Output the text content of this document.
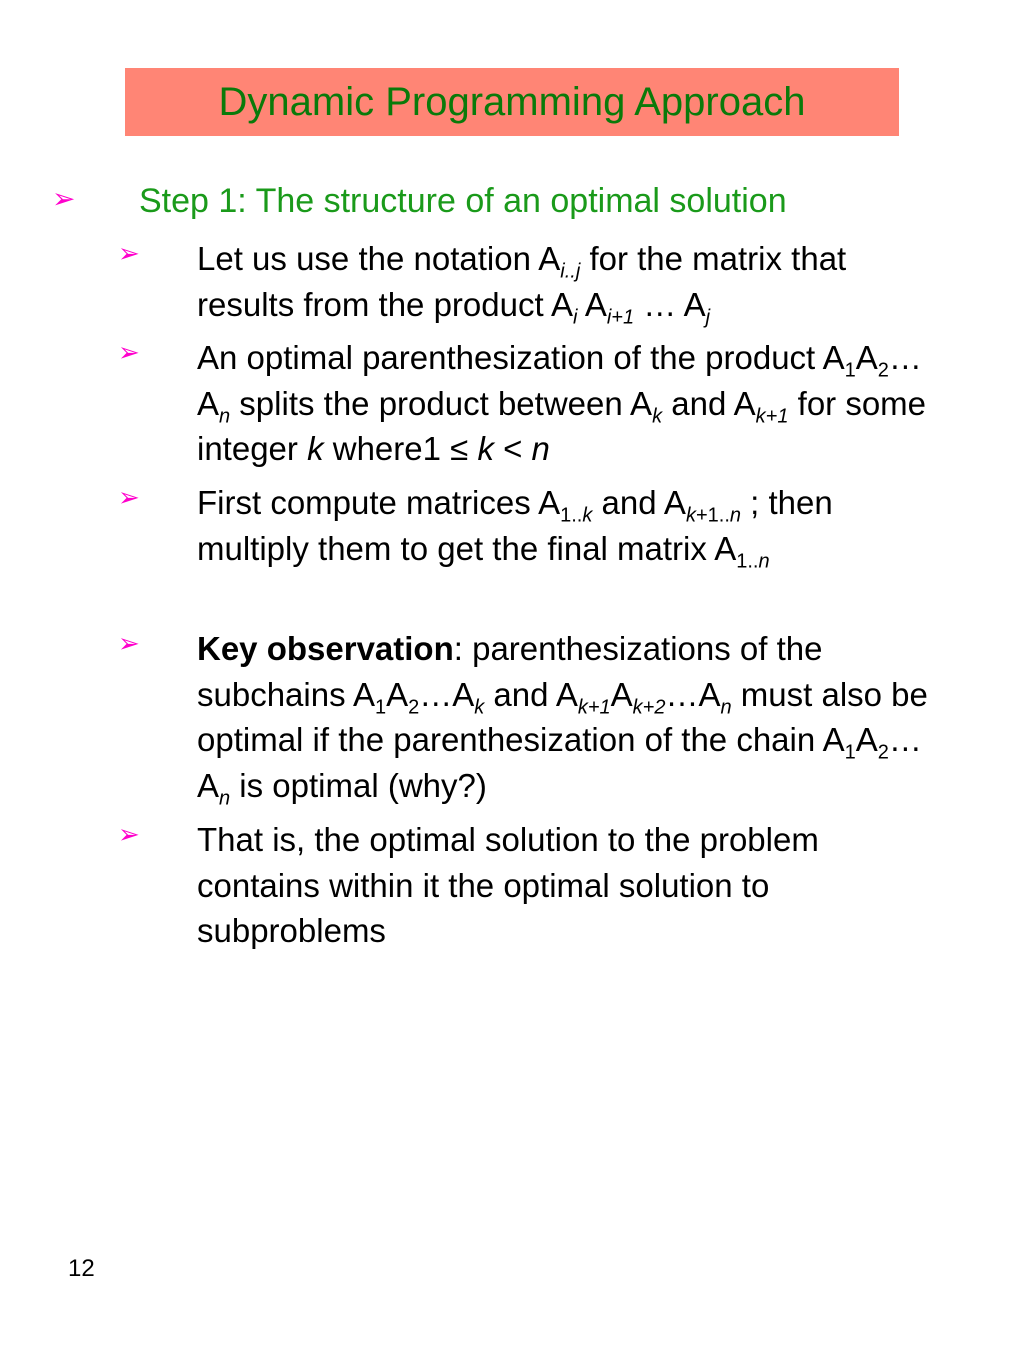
Dynamic Programming Approach
➢ Step 1: The structure of an optimal solution
➢ Let us use the notation $A_{i..j}$ for the matrix that results from the product $A_i$ $A_{i+1}$ … $A_j$
➢ An optimal parenthesization of the product $A_1A_2\dots A_n$ splits the product between $A_k$ and $A_{k+1}$ for some integer k where1 ≤ k < n
➢ First compute matrices $A_{1..k}$ and $A_{k+1..n}$ ; then multiply them to get the final matrix $A_{1..n}$
➢ Key observation: parenthesizations of the subchains $A_1A_2\dots A_k$ and $A_{k+1}A_{k+2}\dots A_n$ must also be optimal if the parenthesization of the chain $A_1A_2\dots A_n$ is optimal (why?)
➢ That is, the optimal solution to the problem contains within it the optimal solution to subproblems
12
